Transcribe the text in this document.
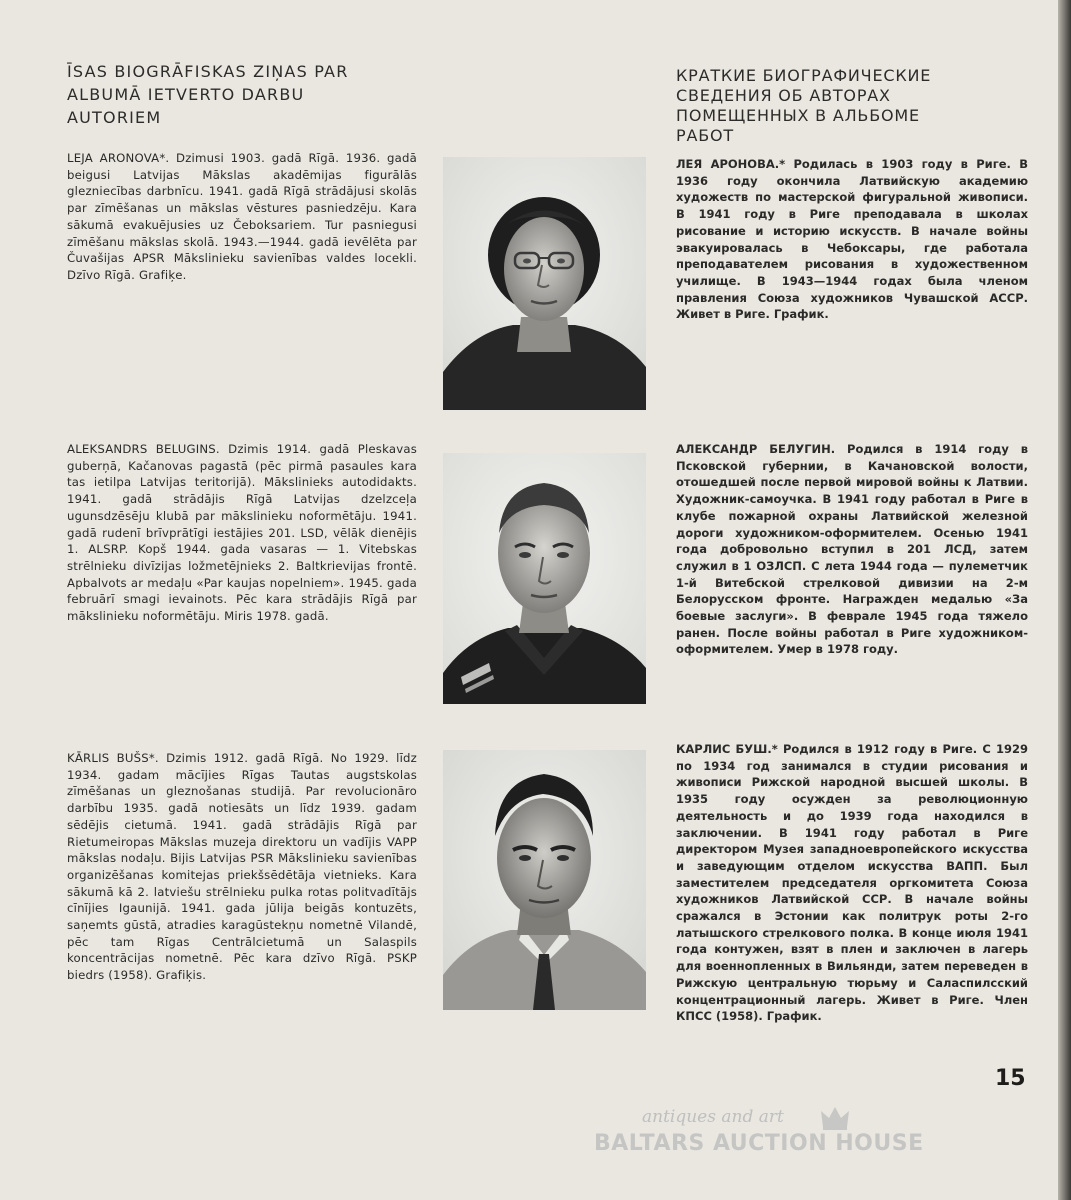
ĪSAS BIOGRĀFISKAS ZIŅAS PAR ALBUMĀ IETVERTO DARBU AUTORIEM
КРАТКИЕ БИОГРАФИЧЕСКИЕ СВЕДЕНИЯ ОБ АВТОРАХ ПОМЕЩЕННЫХ В АЛЬБОМЕ РАБОТ
LEJA ARONOVA*. Dzimusi 1903. gadā Rīgā. 1936. gadā beigusi Latvijas Mākslas akadēmijas figurālās glezniecības darbnīcu. 1941. gadā Rīgā strādājusi skolās par zīmēšanas un mākslas vēstures pasniedzēju. Kara sākumā evakuējusies uz Čeboksariem. Tur pasniegusi zīmēšanu mākslas skolā. 1943.—1944. gadā ievēlēta par Čuvašijas APSR Mākslinieku savienības valdes locekli. Dzīvo Rīgā. Grafiķe.
ЛЕЯ АРОНОВА.* Родилась в 1903 году в Риге. В 1936 году окончила Латвийскую академию художеств по мастерской фигуральной живописи. В 1941 году в Риге преподавала в школах рисование и историю искусств. В начале войны эвакуировалась в Чебоксары, где работала преподавателем рисования в художественном училище. В 1943—1944 годах была членом правления Союза художников Чувашской АССР. Живет в Риге. График.
ALEKSANDRS BELUGINS. Dzimis 1914. gadā Pleskavas guberņā, Kačanovas pagastā (pēc pirmā pasaules kara tas ietilpa Latvijas teritorijā). Mākslinieks autodidakts. 1941. gadā strādājis Rīgā Latvijas dzelzceļa ugunsdzēsēju klubā par mākslinieku noformētāju. 1941. gadā rudenī brīvprātīgi iestājies 201. LSD, vēlāk dienējis 1. ALSRP. Kopš 1944. gada vasaras — 1. Vitebskas strēlnieku divīzijas ložmetējnieks 2. Baltkrievijas frontē. Apbalvots ar medaļu «Par kaujas nopelniem». 1945. gada februārī smagi ievainots. Pēc kara strādājis Rīgā par mākslinieku noformētāju. Miris 1978. gadā.
АЛЕКСАНДР БЕЛУГИН. Родился в 1914 году в Псковской губернии, в Качановской волости, отошедшей после первой мировой войны к Латвии. Художник-самоучка. В 1941 году работал в Риге в клубе пожарной охраны Латвийской железной дороги художником-оформителем. Осенью 1941 года добровольно вступил в 201 ЛСД, затем служил в 1 ОЗЛСП. С лета 1944 года — пулеметчик 1-й Витебской стрелковой дивизии на 2-м Белорусском фронте. Награжден медалью «За боевые заслуги». В феврале 1945 года тяжело ранен. После войны работал в Риге художником-оформителем. Умер в 1978 году.
KĀRLIS BUŠS*. Dzimis 1912. gadā Rīgā. No 1929. līdz 1934. gadam mācījies Rīgas Tautas augstskolas zīmēšanas un gleznošanas studijā. Par revolucionāro darbību 1935. gadā notiesāts un līdz 1939. gadam sēdējis cietumā. 1941. gadā strādājis Rīgā par Rietumeiropas Mākslas muzeja direktoru un vadījis VAPP mākslas nodaļu. Bijis Latvijas PSR Mākslinieku savienības organizēšanas komitejas priekšsēdētāja vietnieks. Kara sākumā kā 2. latviešu strēlnieku pulka rotas politvadītājs cīnījies Igaunijā. 1941. gada jūlija beigās kontuzēts, saņemts gūstā, atradies karagūstekņu nometnē Vilandē, pēc tam Rīgas Centrālcietumā un Salaspils koncentrācijas nometnē. Pēc kara dzīvo Rīgā. PSKP biedrs (1958). Grafiķis.
КАРЛИС БУШ.* Родился в 1912 году в Риге. С 1929 по 1934 год занимался в студии рисования и живописи Рижской народной высшей школы. В 1935 году осужден за революционную деятельность и до 1939 года находился в заключении. В 1941 году работал в Риге директором Музея западноевропейского искусства и заведующим отделом искусства ВАПП. Был заместителем председателя оргкомитета Союза художников Латвийской ССР. В начале войны сражался в Эстонии как политрук роты 2-го латышского стрелкового полка. В конце июля 1941 года контужен, взят в плен и заключен в лагерь для военнопленных в Вильянди, затем переведен в Рижскую центральную тюрьму и Саласпилсский концентрационный лагерь. Живет в Риге. Член КПСС (1958). График.
15
antiques and art
BALTARS AUCTION HOUSE
